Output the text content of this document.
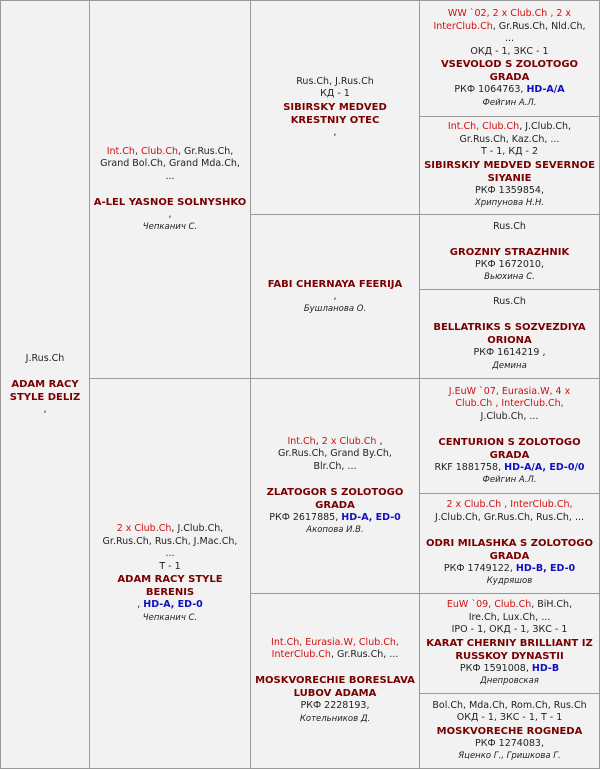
J.Rus.Ch

ADAM RACY STYLE DELIZ
,
Int.Ch, Club.Ch, Gr.Rus.Ch,
Grand Bol.Ch, Grand Mda.Ch,
...

A-LEL YASNOE SOLNYSHKO
,
Чепканич С.
2 x Club.Ch, J.Club.Ch,
Gr.Rus.Ch, Rus.Ch, J.Mac.Ch,
...
Т - 1
ADAM RACY STYLE BERENIS
, HD-A, ED-0
Чепканич С.
Rus.Ch, J.Rus.Ch
КД - 1
SIBIRSKY MEDVED KRESTNIY OTEC
,
FABI CHERNAYA FEERIJA
,
Бушланова О.
Int.Ch, 2 x Club.Ch ,
Gr.Rus.Ch, Grand By.Ch,
Blr.Ch, ...

ZLATOGOR S ZOLOTOGO GRADA
РКФ 2617885, HD-A, ED-0
Акопова И.В.
Int.Ch, Eurasia.W, Club.Ch,
InterClub.Ch, Gr.Rus.Ch, ...

MOSKVORECHIE BORESLAVA LUBOV ADAMA
РКФ 2228193,
Котельников Д.
WW `02, 2 x Club.Ch , 2 x
InterClub.Ch, Gr.Rus.Ch, Nld.Ch,
...
ОКД - 1, ЗКС - 1
VSEVOLOD S ZOLOTOGO GRADA
РКФ 1064763, HD-A/A
Фейгин А.Л.
Int.Ch, Club.Ch, J.Club.Ch,
Gr.Rus.Ch, Kaz.Ch, ...
Т - 1, КД - 2
SIBIRSKIY MEDVED SEVERNOE SIYANIE
РКФ 1359854,
Хрипунова Н.Н.
Rus.Ch

GROZNIY STRAZHNIK
РКФ 1672010,
Вьюхина С.
Rus.Ch

BELLATRIKS S SOZVEZDIYA ORIONA
РКФ 1614219 ,
Демина
J.EuW `07, Eurasia.W, 4 x
Club.Ch , InterClub.Ch,
J.Club.Ch, ...

CENTURION S ZOLOTOGO GRADA
RKF 1881758, HD-A/A, ED-0/0
Фейгин А.Л.
2 x Club.Ch , InterClub.Ch,
J.Club.Ch, Gr.Rus.Ch, Rus.Ch, ...

ODRI MILASHKA S ZOLOTOGO GRADA
РКФ 1749122, HD-B, ED-0
Кудряшов
EuW `09, Club.Ch, BiH.Ch,
Ire.Ch, Lux.Ch, ...
IPO - 1, ОКД - 1, ЗКС - 1
KARAT CHERNIY BRILLIANT IZ RUSSKOY DYNASTII
РКФ 1591008, HD-B
Днепровская
Bol.Ch, Mda.Ch, Rom.Ch, Rus.Ch
ОКД - 1, ЗКС - 1, Т - 1
MOSKVORECHE ROGNEDA
РКФ 1274083,
Яценко Г., Гришкова Г.
